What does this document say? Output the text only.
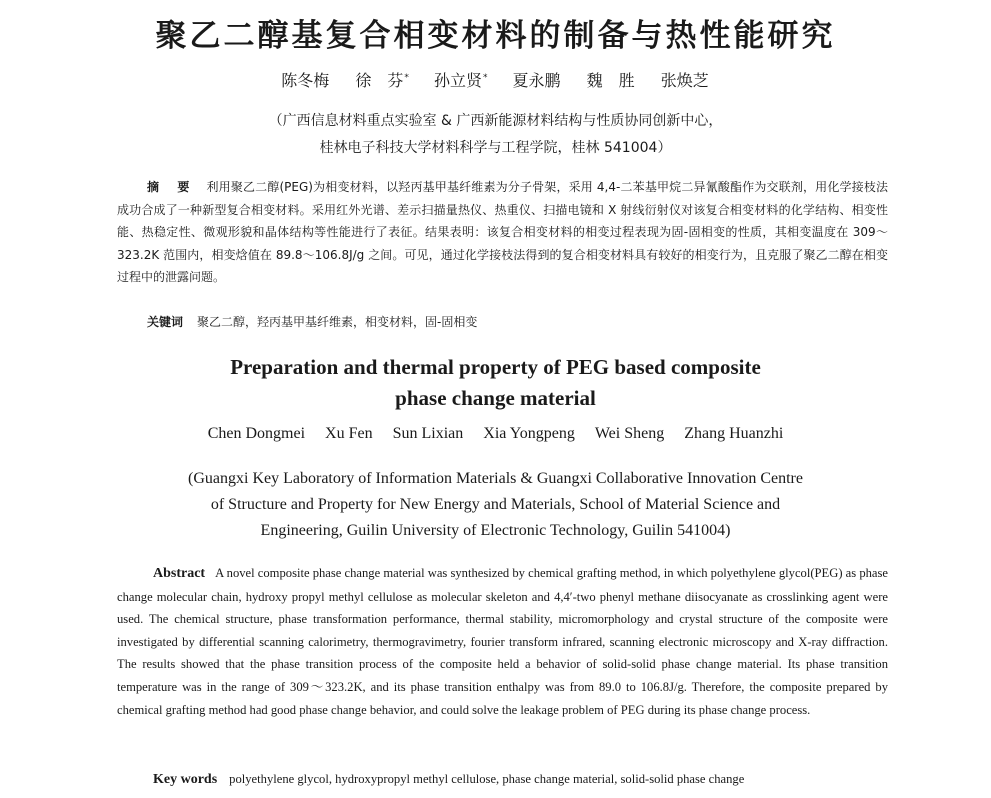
聚乙二醇基复合相变材料的制备与热性能研究
陈冬梅 徐　芬* 孙立贤* 夏永鹏 魏　胜 张焕芝
（广西信息材料重点实验室 & 广西新能源材料结构与性质协同创新中心，
桂林电子科技大学材料科学与工程学院，桂林 541004）
摘　要 利用聚乙二醇(PEG)为相变材料，以羟丙基甲基纤维素为分子骨架，采用 4,4-二苯基甲烷二异氰酸酯作为交联剂，用化学接枝法成功合成了一种新型复合相变材料。采用红外光谱、差示扫描量热仪、热重仪、扫描电镜和 X 射线衍射仪对该复合相变材料的化学结构、相变性能、热稳定性、微观形貌和晶体结构等性能进行了表征。结果表明：该复合相变材料的相变过程表现为固-固相变的性质，其相变温度在 309～323.2K 范围内，相变焓值在 89.8～106.8J/g 之间。可见，通过化学接枝法得到的复合相变材料具有较好的相变行为，且克服了聚乙二醇在相变过程中的泄露问题。
关键词 聚乙二醇，羟丙基甲基纤维素，相变材料，固-固相变
Preparation and thermal property of PEG based composite
phase change material
Chen Dongmei Xu Fen Sun Lixian Xia Yongpeng Wei Sheng Zhang Huanzhi
(Guangxi Key Laboratory of Information Materials & Guangxi Collaborative Innovation Centre
of Structure and Property for New Energy and Materials, School of Material Science and
Engineering, Guilin University of Electronic Technology, Guilin 541004)
Abstract A novel composite phase change material was synthesized by chemical grafting method, in which polyethylene glycol(PEG) as phase change molecular chain, hydroxy propyl methyl cellulose as molecular skeleton and 4,4′-two phenyl methane diisocyanate as crosslinking agent were used. The chemical structure, phase transformation performance, thermal stability, micromorphology and crystal structure of the composite were investigated by differential scanning calorimetry, thermogravimetry, fourier transform infrared, scanning electronic microscopy and X-ray diffraction. The results showed that the phase transition process of the composite held a behavior of solid-solid phase change material. Its phase transition temperature was in the range of 309～323.2K, and its phase transition enthalpy was from 89.0 to 106.8J/g. Therefore, the composite prepared by chemical grafting method had good phase change behavior, and could solve the leakage problem of PEG during its phase change process.
Key words polyethylene glycol, hydroxypropyl methyl cellulose, phase change material, solid-solid phase change
